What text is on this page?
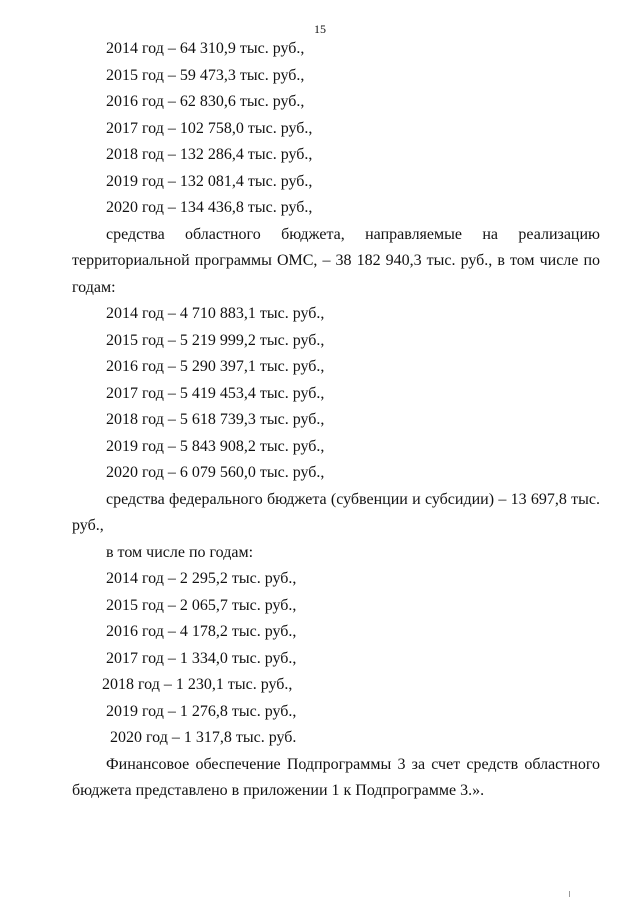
15
2014 год – 64 310,9 тыс. руб.,
2015 год – 59 473,3 тыс. руб.,
2016 год – 62 830,6 тыс. руб.,
2017 год – 102 758,0 тыс. руб.,
2018 год – 132 286,4 тыс. руб.,
2019 год – 132 081,4 тыс. руб.,
2020 год – 134 436,8 тыс. руб.,

средства областного бюджета, направляемые на реализацию территориальной программы ОМС, – 38 182 940,3 тыс. руб., в том числе по годам:

2014 год – 4 710 883,1 тыс. руб.,
2015 год – 5 219 999,2 тыс. руб.,
2016 год – 5 290 397,1 тыс. руб.,
2017 год – 5 419 453,4 тыс. руб.,
2018 год – 5 618 739,3 тыс. руб.,
2019 год – 5 843 908,2 тыс. руб.,
2020 год – 6 079 560,0 тыс. руб.,

средства федерального бюджета (субвенции и субсидии) – 13 697,8 тыс. руб.,

в том числе по годам:
2014 год – 2 295,2 тыс. руб.,
2015 год – 2 065,7 тыс. руб.,
2016 год – 4 178,2 тыс. руб.,
2017 год – 1 334,0 тыс. руб.,
2018 год – 1 230,1 тыс. руб.,
2019 год – 1 276,8 тыс. руб.,
2020 год – 1 317,8 тыс. руб.

Финансовое обеспечение Подпрограммы 3 за счет средств областного бюджета представлено в приложении 1 к Подпрограмме 3.».
